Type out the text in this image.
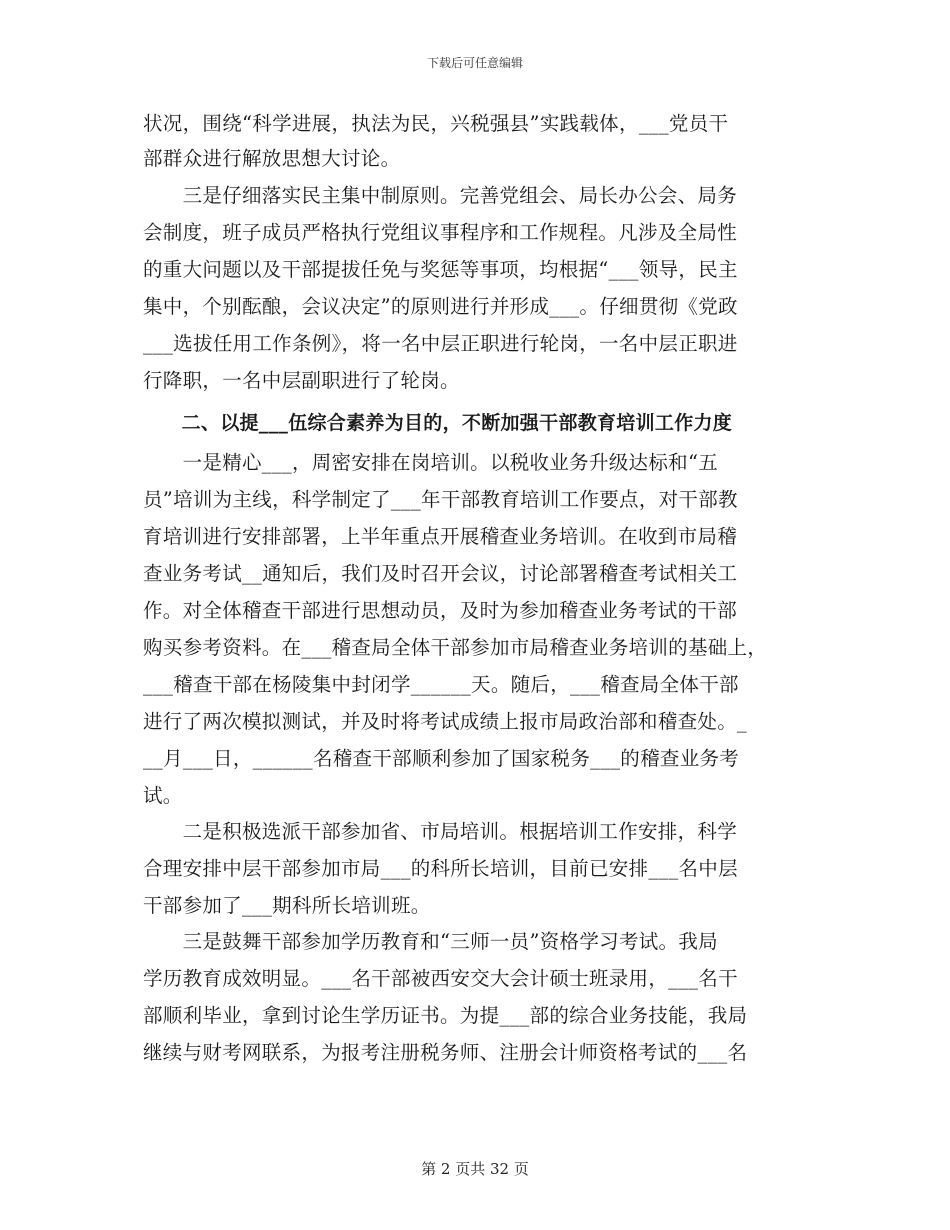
下载后可任意编辑
状况，围绕“科学进展，执法为民，兴税强县”实践载体，___党员干
部群众进行解放思想大讨论。
　　三是仔细落实民主集中制原则。完善党组会、局长办公会、局务
会制度，班子成员严格执行党组议事程序和工作规程。凡涉及全局性
的重大问题以及干部提拔任免与奖惩等事项，均根据“___领导，民主
集中，个别酝酿，会议决定”的原则进行并形成___。仔细贯彻《党政
___选拔任用工作条例》，将一名中层正职进行轮岗，一名中层正职进
行降职，一名中层副职进行了轮岗。
　　二、以提___伍综合素养为目的，不断加强干部教育培训工作力度
　　一是精心___，周密安排在岗培训。以税收业务升级达标和“五
员”培训为主线，科学制定了___年干部教育培训工作要点，对干部教
育培训进行安排部署，上半年重点开展稽查业务培训。在收到市局稽
查业务考试__通知后，我们及时召开会议，讨论部署稽查考试相关工
作。对全体稽查干部进行思想动员，及时为参加稽查业务考试的干部
购买参考资料。在___稽查局全体干部参加市局稽查业务培训的基础上，
___稽查干部在杨陵集中封闭学______天。随后，___稽查局全体干部
进行了两次模拟测试，并及时将考试成绩上报市局政治部和稽查处。_
__月___日，______名稽查干部顺利参加了国家税务___的稽查业务考
试。
　　二是积极选派干部参加省、市局培训。根据培训工作安排，科学
合理安排中层干部参加市局___的科所长培训，目前已安排___名中层
干部参加了___期科所长培训班。
　　三是鼓舞干部参加学历教育和“三师一员”资格学习考试。我局
学历教育成效明显。___名干部被西安交大会计硕士班录用，___名干
部顺利毕业，拿到讨论生学历证书。为提___部的综合业务技能，我局
继续与财考网联系，为报考注册税务师、注册会计师资格考试的___名
第 2 页共 32 页
